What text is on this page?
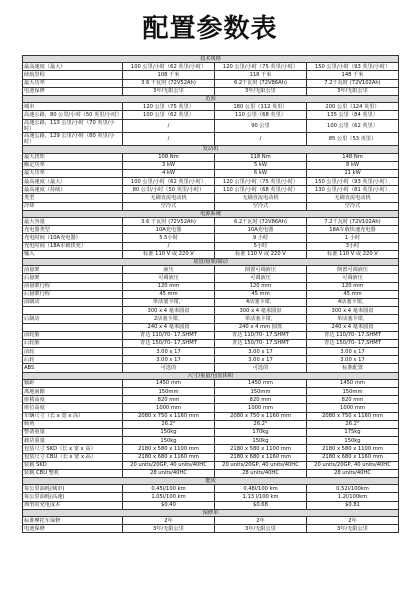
配置参数表
技术规格			
最高速度（最大）	100 公里/小时（62 英里/小时）	120 公里/小时（75 英里/小时）	150 公里/小时（93 英里/小时）
续航里程	108 千米	118 千米	148 千米
最大功率	3.6 千瓦时 (72V52Ah)	6.2千瓦时 (72V86Ah)	7.2千瓦时 (72V102Ah)
电池保修	3年/无限公里	3年/无限公里	3年/无限公里
范围			
城市	120 公里（75 英里）	180 公里（112 英里）	200 公里（124 英里）
高速公路，80 公里/小时（50 英里/小时）	100 公里（62 英里）	110 公里（68 英里）	135 公里（84 英里）
高速公路，113 公里/小时（70 英里/小时）	/	90 公里	100 公里（62 英里）
高速公路，129 公里/小时（80 英里/小时）	/	/	85 公里（53 英里）
发动机			
最大扭矩	108 Nm	118 Nm	148 Nm
额定功率	3 kW	5 kW	8 kW
最大功率	4 kW	6 kW	11 kW
最高速度（最大）	100 公里/小时（62 英里/小时）	120 公里/小时（75 英里/小时）	150 公里/小时（93 英里/小时）
最高速度（持续）	80 公里/小时（50 英里/小时）	110 公里/小时（68 英里/小时）	130 公里/小时（81 英里/小时）
类型	无刷直流电动机	无刷直流电动机	无刷直流电动机
冷却	空冷式	空冷式	空冷式
电源系统			
最大容量	3.6 千瓦时 (72V52Ah)	6.2千瓦时 (72V86Ah)	7.2千瓦时 (72V102Ah)
充电器类型	10A充电器	10A充电器	18A车载快速充电器
充电时间（10A充电器）	5.5小时	9 小时	1 小时
充电时间（18A车载快充）	/	5小时	3小时
输入	标准 110 V 或 220 V	标准 110 V 或 220 V	标准 110 V 或 220 V
底盘/悬架/制动			
前悬架	液压	倒置可调液压	倒置可调液压
后悬架	可调液压	可调液压	可调液压
前悬架行程	120 mm	120 mm	120 mm
后悬架行程	45 mm	45 mm	45 mm
前制动	单活塞卡钳，	4活塞卡钳，	4活塞卡钳，
	300 x 4 毫米圆盘	300 x 4 毫米圆盘	300 x 4 毫米圆盘
后制动	2活塞卡钳，	单活塞卡钳，	单活塞卡钳，
	240 x 4 毫米圆盘	240 x 4 mm 圆盘	240 x 4 毫米圆盘
前轮胎	青达 110/70- 17,SHMT	青达 110/70- 17,SHMT	青达 110/70- 17,SHMT
后轮胎	青达 150/70- 17,SHMT	青达 150/70- 17,SHMT	青达 150/70- 17,SHMT
前轮	3.00 x 17	3.00 x 17	3.00 x 17
后轮	3.00 x 17	3.00 x 17	3.00 x 17
ABS	可选的	可选的	标准配置
尺寸/重量/包装体积			
轴距	1450 mm	1450 mm	1450 mm
离地间隙	150mm	150mm	150mm
座椅高度	820 mm	820 mm	820 mm
座位高度	1000 mm	1000 mm	1000 mm
车辆尺寸（长 x 宽 x 高）	2080 x 750 x 1160 mm	2080 x 750 x 1160 mm	2080 x 750 x 1160 mm
倾角	26.2°	26.2°	26.2°
整备重量	150kg	170kg	175kg
载货重量	150kg	150kg	150kg
包装尺寸 SKD（长 x 宽 x 高）	2180 x 580 x 1100 mm	2180 x 580 x 1100 mm	2180 x 580 x 1100 mm
包装尺寸 CBU（长 x 宽 x 高）	2180 x 680 x 1160 mm	2180 x 680 x 1160 mm	2180 x 680 x 1160 mm
装载 SKD	20 units/20GP, 40 units/40HC	20 units/20GP, 40 units/40HC	20 units/20GP, 40 units/40HC
装载 CBU 整机	28 units/40HC	28 units/40HC	28 units/40HC
能效			
每公里油耗(城市)	0.45l/100 km	0.48l/100 km	0.52l/100km
每公里油耗(高速)	1.05l/100 km	1.13 l/100 km	1.2l/100km
典型的充电成本	$0.40	$0.68	$0.81
保修单			
标准摩托车保修	2年	2年	2年
电池保修	3年/无限公里	3年/无限公里	3年/无限公里
